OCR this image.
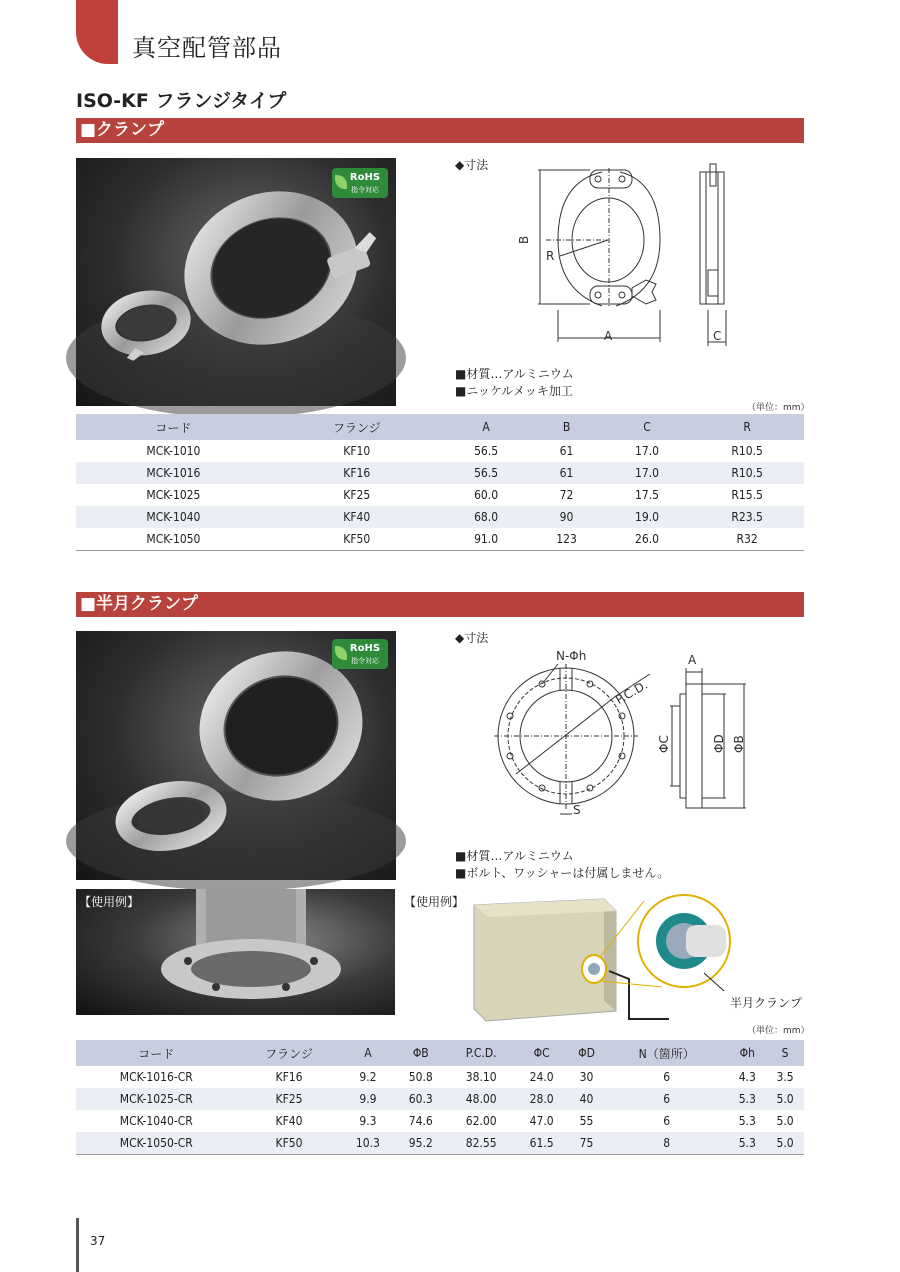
真空配管部品
ISO-KF フランジタイプ
■クランプ
RoHS
指令対応
◆寸法
B
R
A	C
■材質…アルミニウム
■ニッケルメッキ加工
（単位：mm）
コード	フランジ	A	B	C	R
MCK-1010	KF10	56.5	61	17.0	R10.5
MCK-1016	KF16	56.5	61	17.0	R10.5
MCK-1025	KF25	60.0	72	17.5	R15.5
MCK-1040	KF40	68.0	90	19.0	R23.5
MCK-1050	KF50	91.0	123	26.0	R32
■半月クランプ
RoHS
指令対応
◆寸法
N-Φh
P.C.D.
A
ΦC	ΦD ΦB
S
■材質…アルミニウム
■ボルト、ワッシャーは付属しません。
【使用例】	【使用例】
半月クランプ
（単位：mm）
コード	フランジ	A	ΦB	P.C.D.	ΦC	ΦD	N（箇所）	Φh	S
MCK-1016-CR	KF16	9.2	50.8	38.10	24.0	30	6	4.3	3.5
MCK-1025-CR	KF25	9.9	60.3	48.00	28.0	40	6	5.3	5.0
MCK-1040-CR	KF40	9.3	74.6	62.00	47.0	55	6	5.3	5.0
MCK-1050-CR	KF50	10.3	95.2	82.55	61.5	75	8	5.3	5.0
37
